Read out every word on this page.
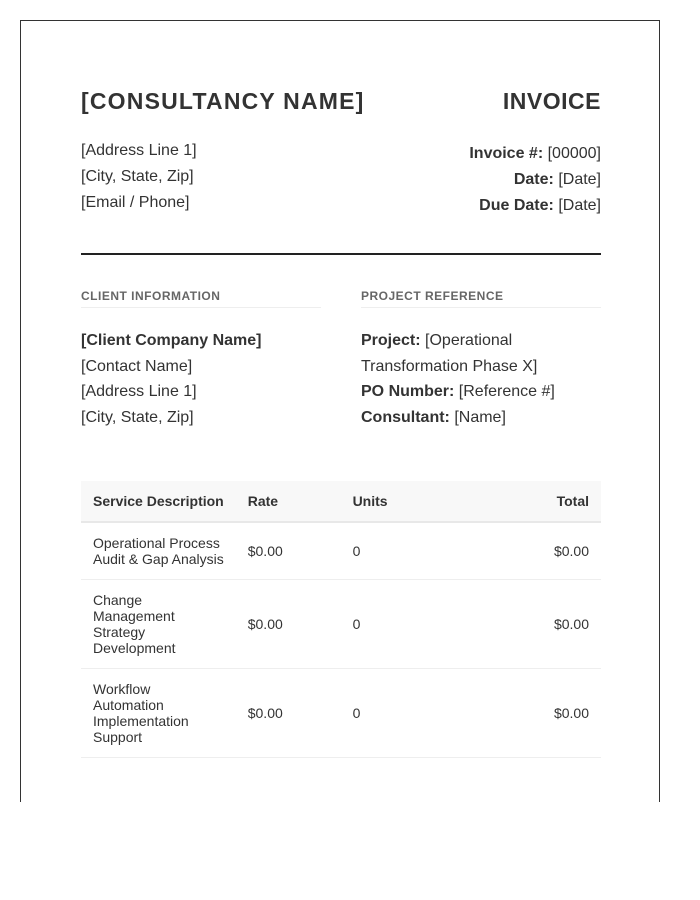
[CONSULTANCY NAME]
[Address Line 1]
[City, State, Zip]
[Email / Phone]
INVOICE
Invoice #: [00000]
Date: [Date]
Due Date: [Date]
CLIENT INFORMATION
[Client Company Name]
[Contact Name]
[Address Line 1]
[City, State, Zip]
PROJECT REFERENCE
Project: [Operational Transformation Phase X]
PO Number: [Reference #]
Consultant: [Name]
Service Description	Rate	Units	Total
Operational Process Audit & Gap Analysis	$0.00	0	$0.00
Change Management Strategy Development	$0.00	0	$0.00
Workflow Automation Implementation Support	$0.00	0	$0.00
